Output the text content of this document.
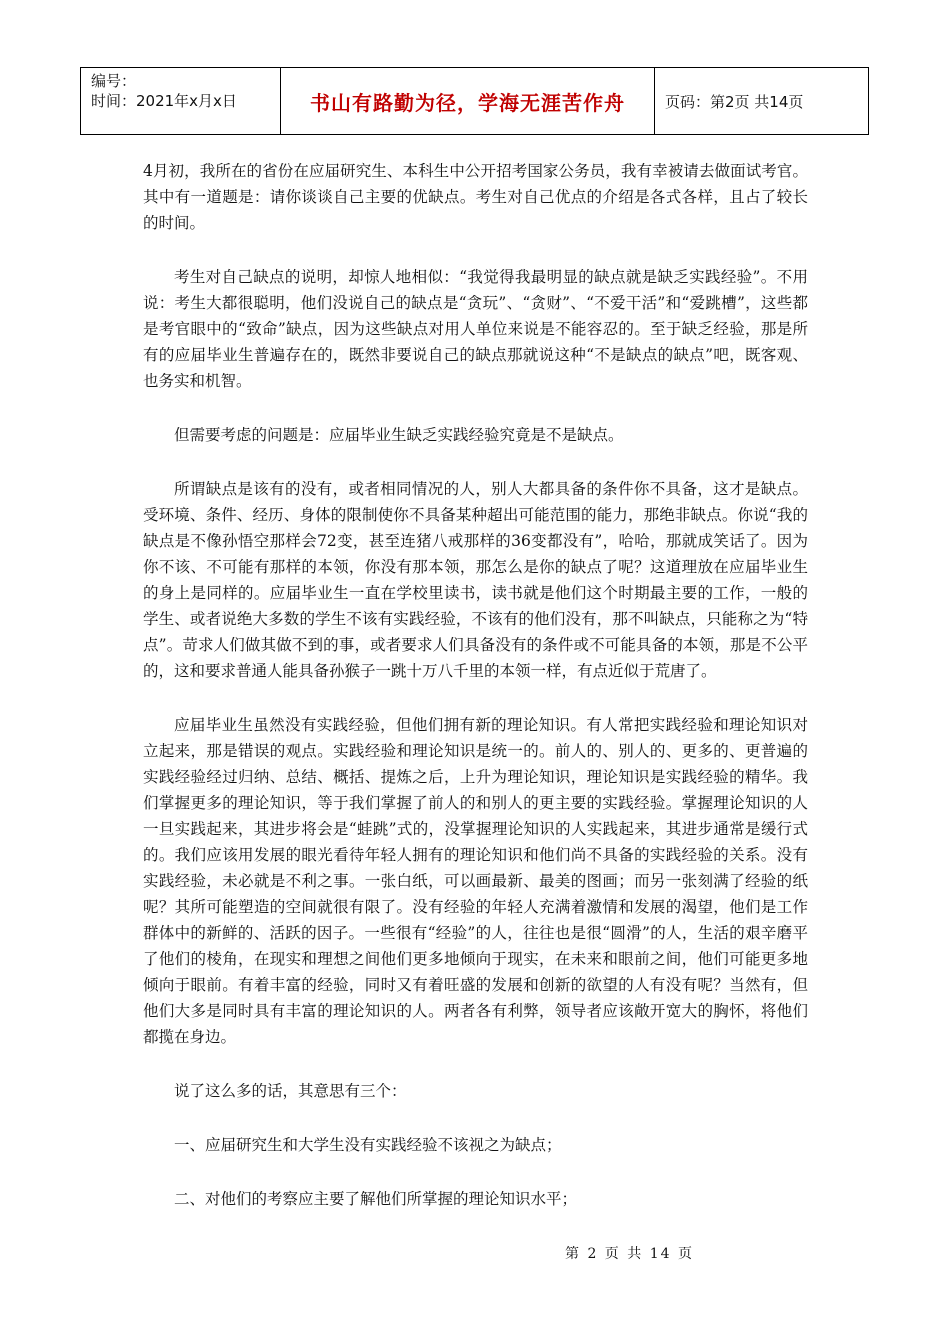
编号：
时间：2021年x月x日	书山有路勤为径，学海无涯苦作舟	页码：第2页 共14页

4月初，我所在的省份在应届研究生、本科生中公开招考国家公务员，我有幸被请去做面试考官。其中有一道题是：请你谈谈自己主要的优缺点。考生对自己优点的介绍是各式各样，且占了较长的时间。

考生对自己缺点的说明，却惊人地相似：“我觉得我最明显的缺点就是缺乏实践经验”。不用说：考生大都很聪明，他们没说自己的缺点是“贪玩”、“贪财”、“不爱干活”和“爱跳槽”，这些都是考官眼中的“致命”缺点，因为这些缺点对用人单位来说是不能容忍的。至于缺乏经验，那是所有的应届毕业生普遍存在的，既然非要说自己的缺点那就说这种“不是缺点的缺点”吧，既客观、也务实和机智。

但需要考虑的问题是：应届毕业生缺乏实践经验究竟是不是缺点。

所谓缺点是该有的没有，或者相同情况的人，别人大都具备的条件你不具备，这才是缺点。受环境、条件、经历、身体的限制使你不具备某种超出可能范围的能力，那绝非缺点。你说“我的缺点是不像孙悟空那样会72变，甚至连猪八戒那样的36变都没有”，哈哈，那就成笑话了。因为你不该、不可能有那样的本领，你没有那本领，那怎么是你的缺点了呢？这道理放在应届毕业生的身上是同样的。应届毕业生一直在学校里读书，读书就是他们这个时期最主要的工作，一般的学生、或者说绝大多数的学生不该有实践经验，不该有的他们没有，那不叫缺点，只能称之为“特点”。苛求人们做其做不到的事，或者要求人们具备没有的条件或不可能具备的本领，那是不公平的，这和要求普通人能具备孙猴子一跳十万八千里的本领一样，有点近似于荒唐了。

应届毕业生虽然没有实践经验，但他们拥有新的理论知识。有人常把实践经验和理论知识对立起来，那是错误的观点。实践经验和理论知识是统一的。前人的、别人的、更多的、更普遍的实践经验经过归纳、总结、概括、提炼之后，上升为理论知识，理论知识是实践经验的精华。我们掌握更多的理论知识，等于我们掌握了前人的和别人的更主要的实践经验。掌握理论知识的人一旦实践起来，其进步将会是“蛙跳”式的，没掌握理论知识的人实践起来，其进步通常是缓行式的。我们应该用发展的眼光看待年轻人拥有的理论知识和他们尚不具备的实践经验的关系。没有实践经验，未必就是不利之事。一张白纸，可以画最新、最美的图画；而另一张刻满了经验的纸呢？其所可能塑造的空间就很有限了。没有经验的年轻人充满着激情和发展的渴望，他们是工作群体中的新鲜的、活跃的因子。一些很有“经验”的人，往往也是很“圆滑”的人，生活的艰辛磨平了他们的棱角，在现实和理想之间他们更多地倾向于现实，在未来和眼前之间，他们可能更多地倾向于眼前。有着丰富的经验，同时又有着旺盛的发展和创新的欲望的人有没有呢？当然有，但他们大多是同时具有丰富的理论知识的人。两者各有利弊，领导者应该敞开宽大的胸怀，将他们都揽在身边。

说了这么多的话，其意思有三个：

一、应届研究生和大学生没有实践经验不该视之为缺点；

二、对他们的考察应主要了解他们所掌握的理论知识水平；

第 2 页 共 14 页
